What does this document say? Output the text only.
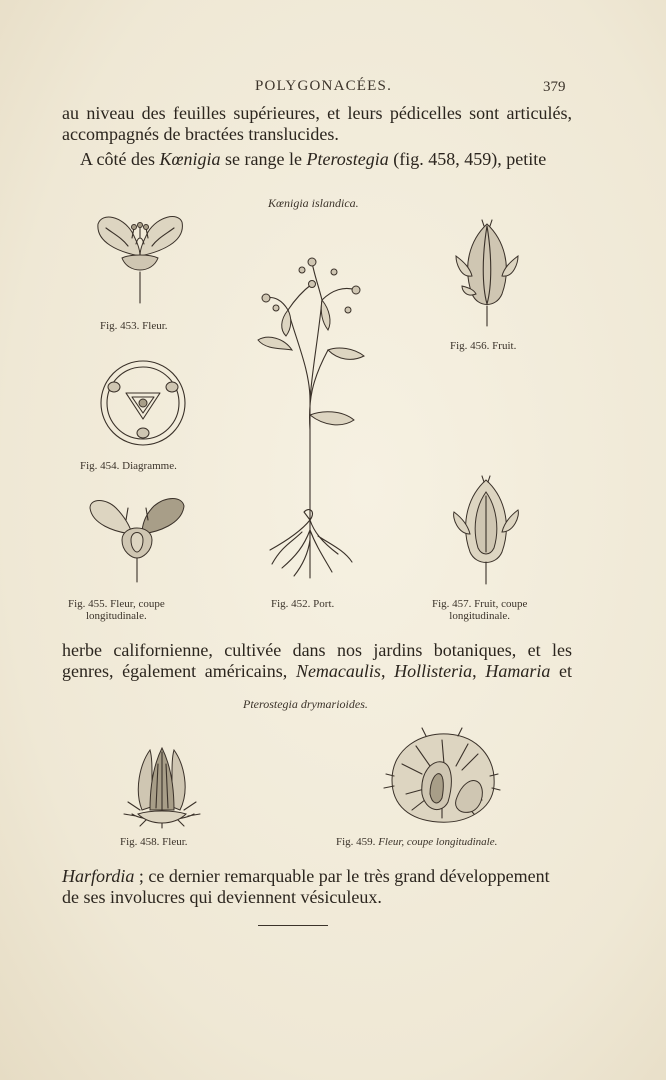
POLYGONACÉES.	379

au niveau des feuilles supérieures, et leurs pédicelles sont articulés,
accompagnés de bractées translucides.
A côté des Kœnigia se range le Pterostegia (fig. 458, 459), petite

Kœnigia islandica.
Fig. 453. Fleur.
Fig. 454. Diagramme.
Fig. 455. Fleur, coupe
longitudinale.
Fig. 452. Port.
Fig. 456. Fruit.
Fig. 457. Fruit, coupe
longitudinale.

herbe californienne, cultivée dans nos jardins botaniques, et les
genres, également américains, Nemacaulis, Hollisteria, Hamaria et

Pterostegia drymarioides.
Fig. 458. Fleur.	Fig. 459. Fleur, coupe longitudinale.

Harfordia ; ce dernier remarquable par le très grand développement
de ses involucres qui deviennent vésiculeux.
